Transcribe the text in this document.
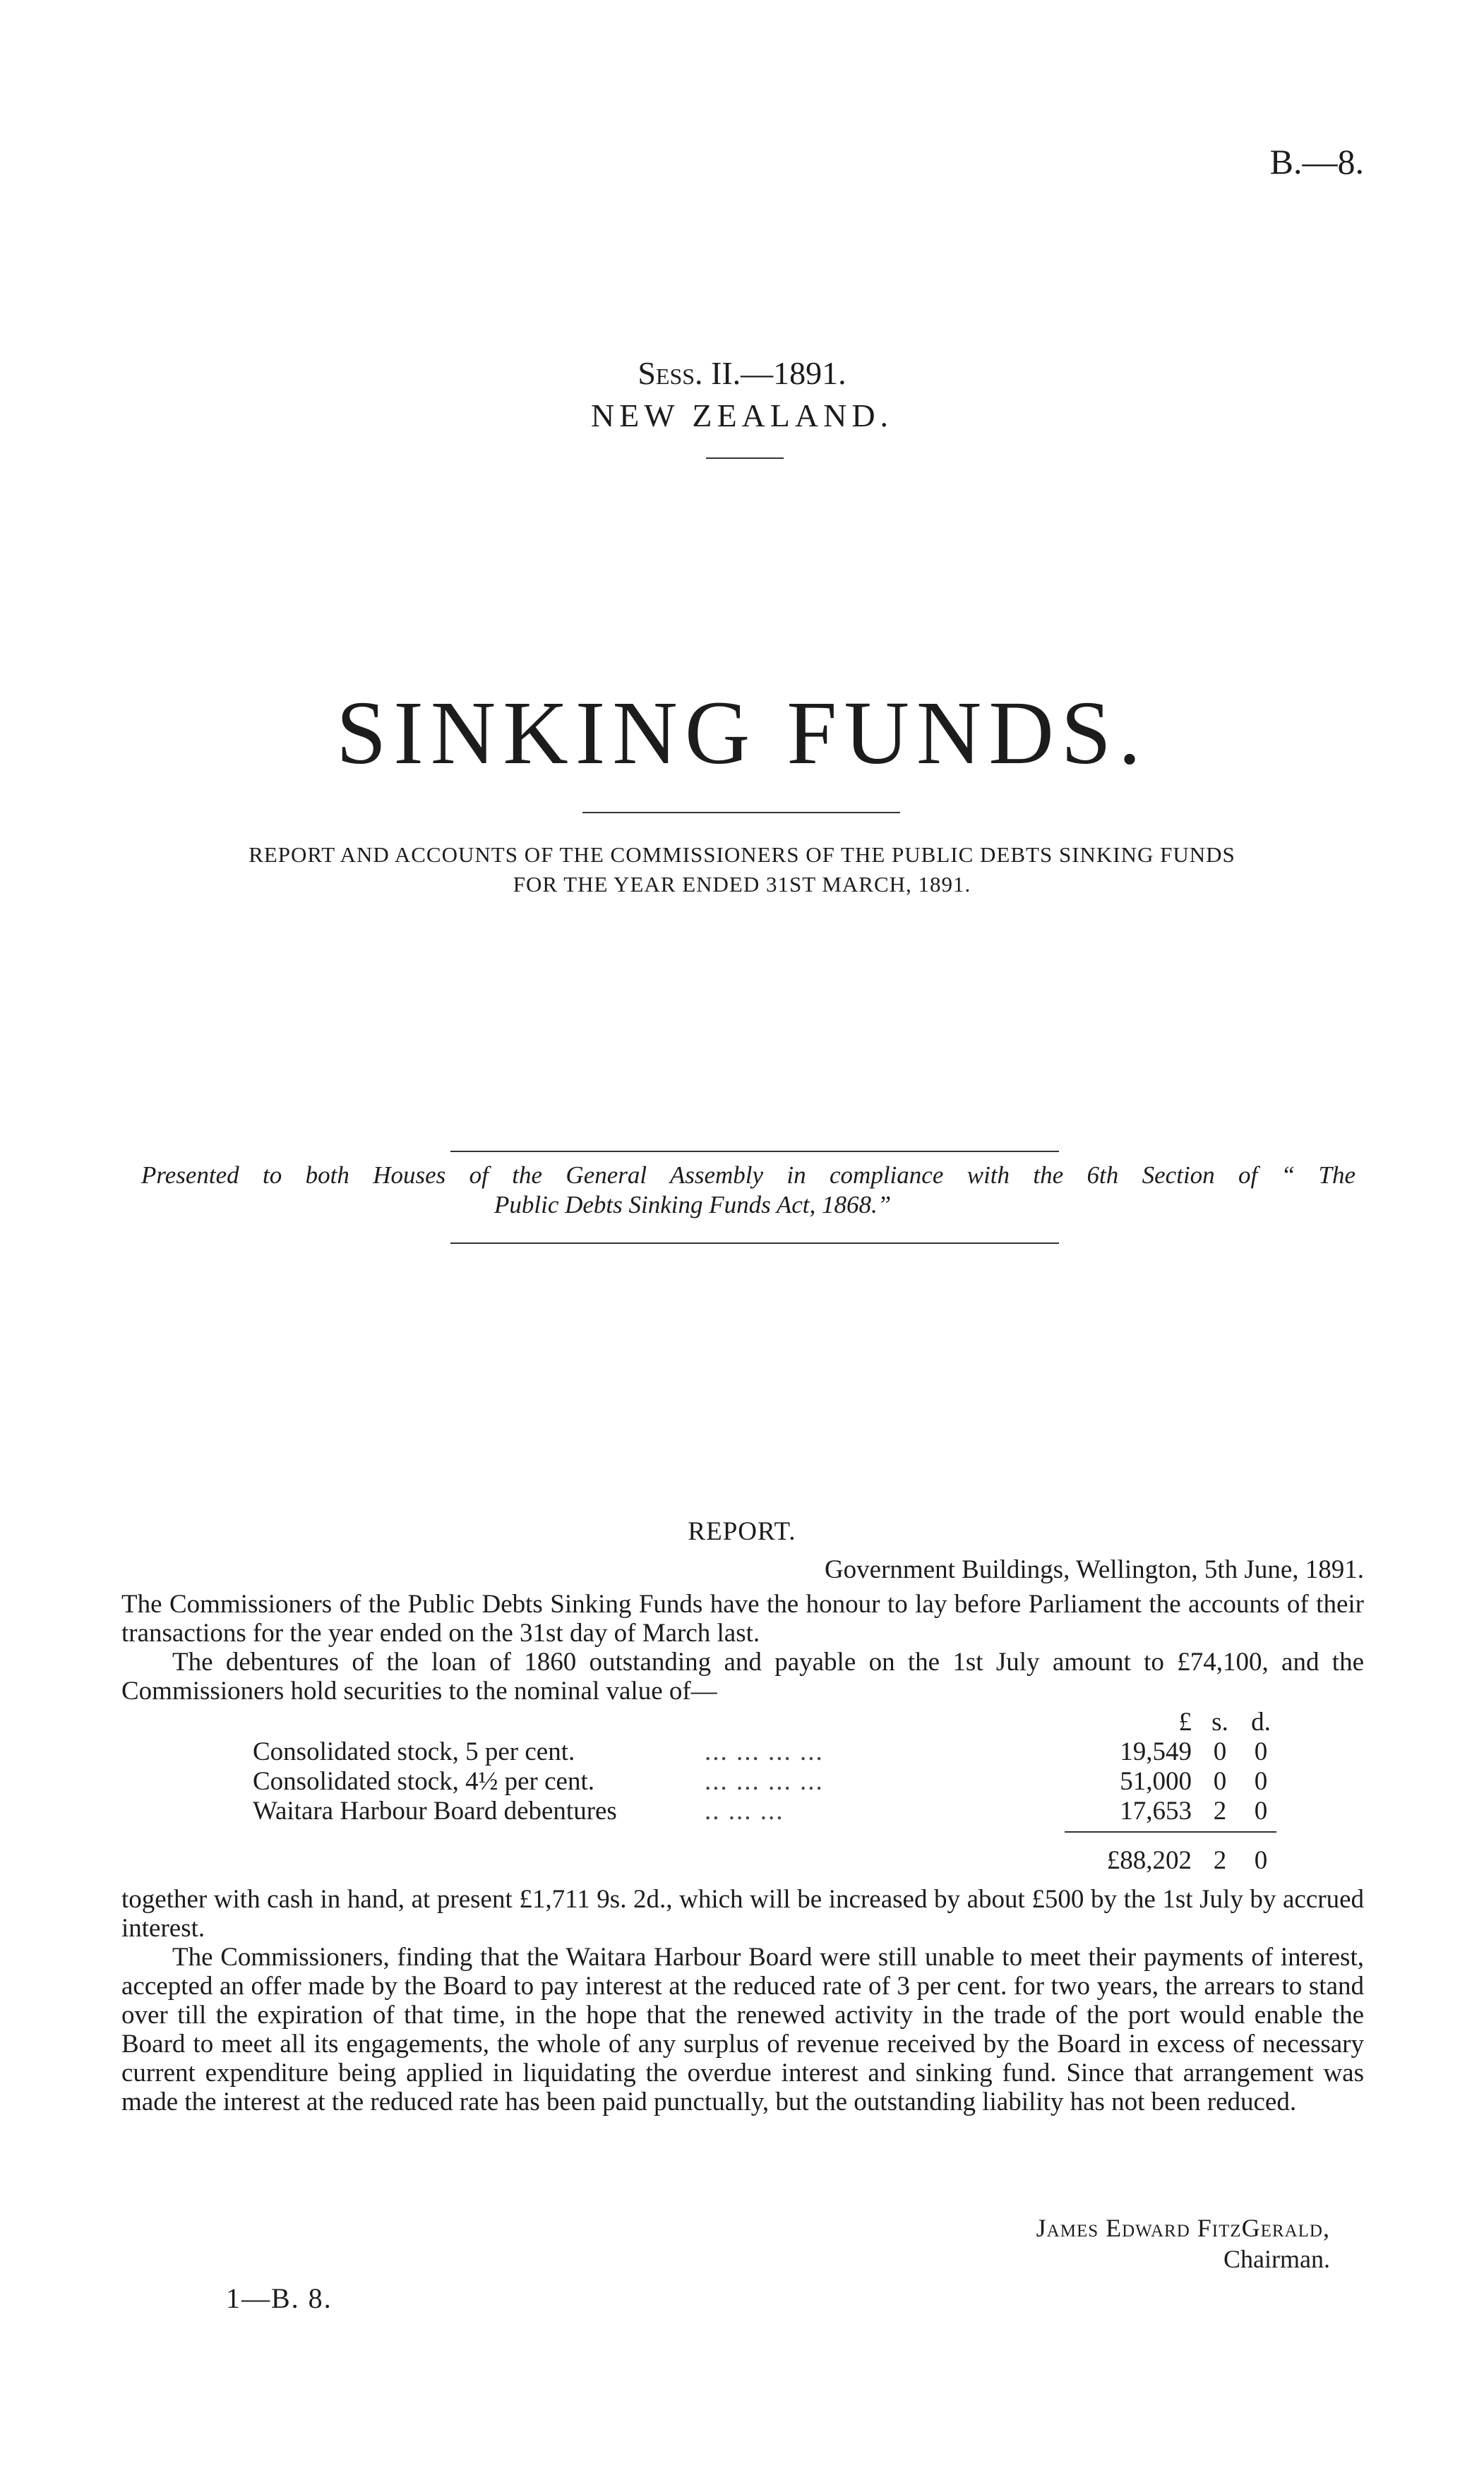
B.—8.
Sess. II.—1891.
NEW ZEALAND.
SINKING FUNDS.
REPORT AND ACCOUNTS OF THE COMMISSIONERS OF THE PUBLIC DEBTS SINKING FUNDS
FOR THE YEAR ENDED 31ST MARCH, 1891.
Presented to both Houses of the General Assembly in compliance with the 6th Section of “ The
Public Debts Sinking Funds Act, 1868.”
REPORT.
Government Buildings, Wellington, 5th June, 1891.

The Commissioners of the Public Debts Sinking Funds have the honour to lay before Parliament the accounts of their transactions for the year ended on the 31st day of March last.

The debentures of the loan of 1860 outstanding and payable on the 1st July amount to £74,100, and the Commissioners hold securities to the nominal value of—

£ s. d.
Consolidated stock, 5 per cent.	... ... ... ...	19,549 0 0
Consolidated stock, 4½ per cent.	... ... ... ...	51,000 0 0
Waitara Harbour Board debentures	.. ... ...	17,653 2 0
£88,202 2 0

together with cash in hand, at present £1,711 9s. 2d., which will be increased by about £500 by the 1st July by accrued interest.

The Commissioners, finding that the Waitara Harbour Board were still unable to meet their payments of interest, accepted an offer made by the Board to pay interest at the reduced rate of 3 per cent. for two years, the arrears to stand over till the expiration of that time, in the hope that the renewed activity in the trade of the port would enable the Board to meet all its engagements, the whole of any surplus of revenue received by the Board in excess of necessary current expenditure being applied in liquidating the overdue interest and sinking fund. Since that arrangement was made the interest at the reduced rate has been paid punctually, but the outstanding liability has not been reduced.

James Edward FitzGerald,
Chairman.
1—B. 8.
